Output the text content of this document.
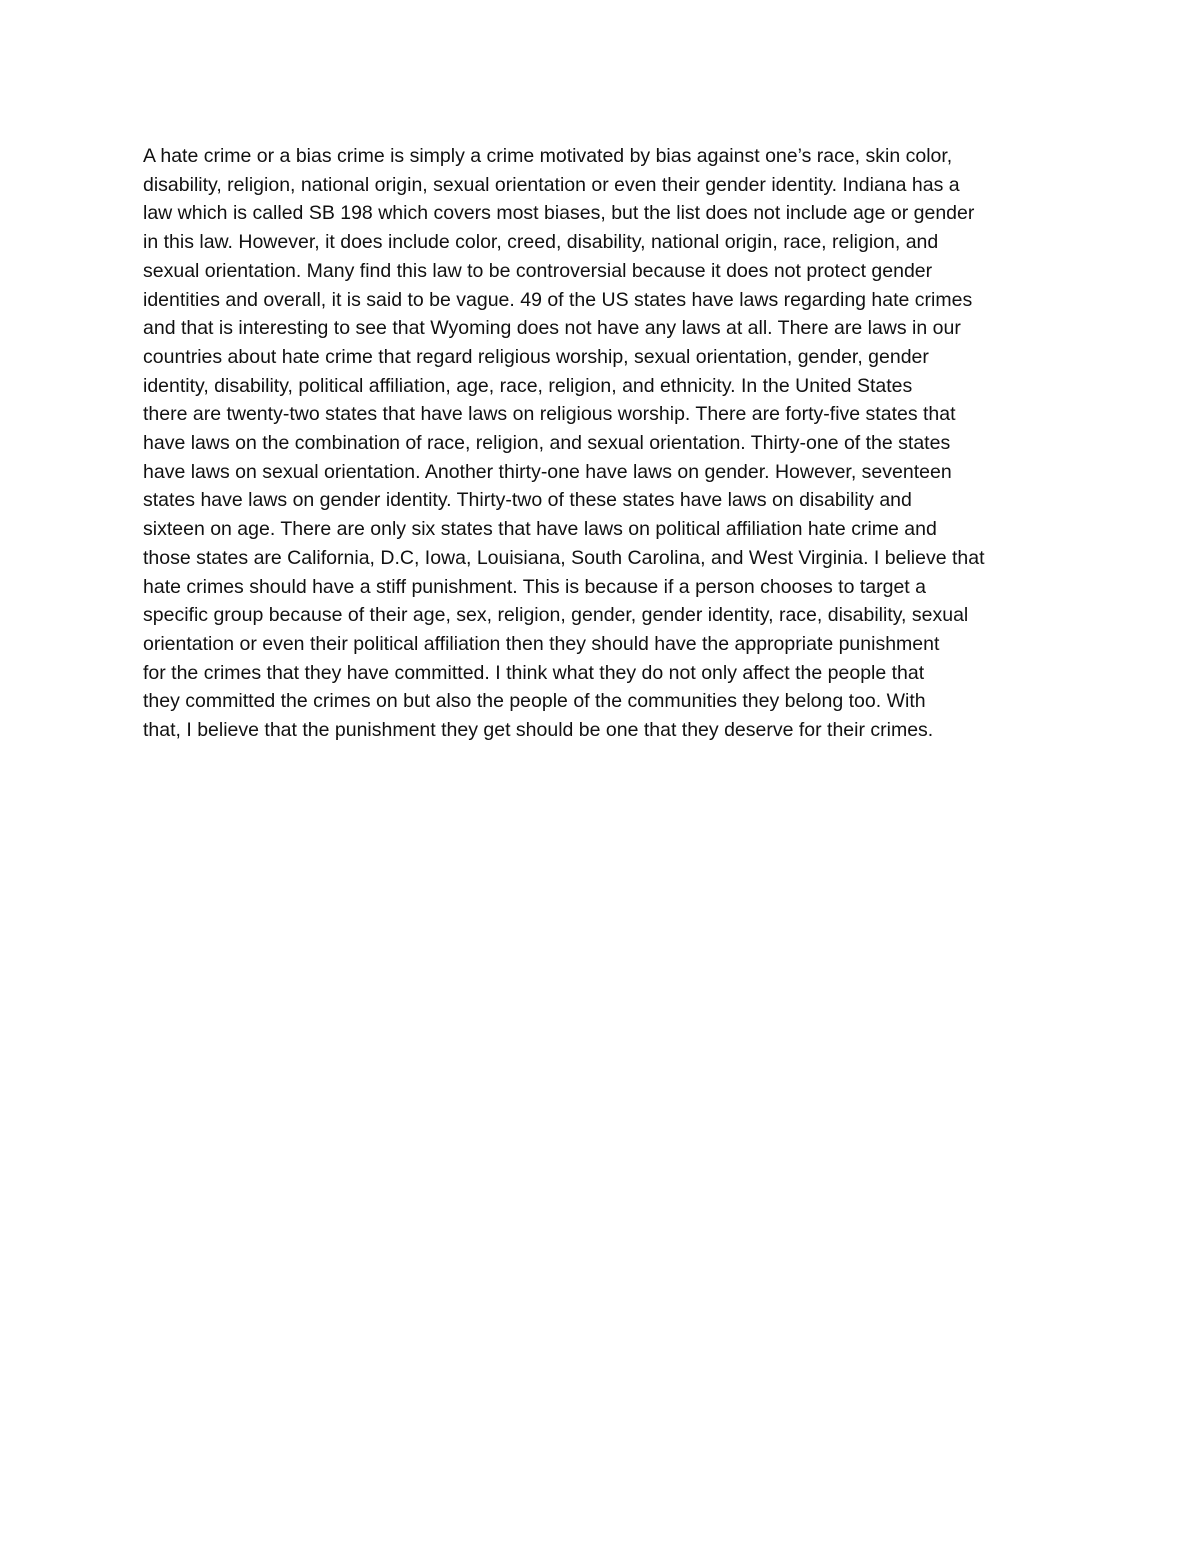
A hate crime or a bias crime is simply a crime motivated by bias against one’s race, skin color,
disability, religion, national origin, sexual orientation or even their gender identity. Indiana has a
law which is called SB 198 which covers most biases, but the list does not include age or gender
in this law. However, it does include color, creed, disability, national origin, race, religion, and
sexual orientation. Many find this law to be controversial because it does not protect gender
identities and overall, it is said to be vague. 49 of the US states have laws regarding hate crimes
and that is interesting to see that Wyoming does not have any laws at all. There are laws in our
countries about hate crime that regard religious worship, sexual orientation, gender, gender
identity, disability, political affiliation, age, race, religion, and ethnicity. In the United States
there are twenty-two states that have laws on religious worship. There are forty-five states that
have laws on the combination of race, religion, and sexual orientation. Thirty-one of the states
have laws on sexual orientation. Another thirty-one have laws on gender. However, seventeen
states have laws on gender identity. Thirty-two of these states have laws on disability and
sixteen on age. There are only six states that have laws on political affiliation hate crime and
those states are California, D.C, Iowa, Louisiana, South Carolina, and West Virginia. I believe that
hate crimes should have a stiff punishment. This is because if a person chooses to target a
specific group because of their age, sex, religion, gender, gender identity, race, disability, sexual
orientation or even their political affiliation then they should have the appropriate punishment
for the crimes that they have committed. I think what they do not only affect the people that
they committed the crimes on but also the people of the communities they belong too. With
that, I believe that the punishment they get should be one that they deserve for their crimes.
